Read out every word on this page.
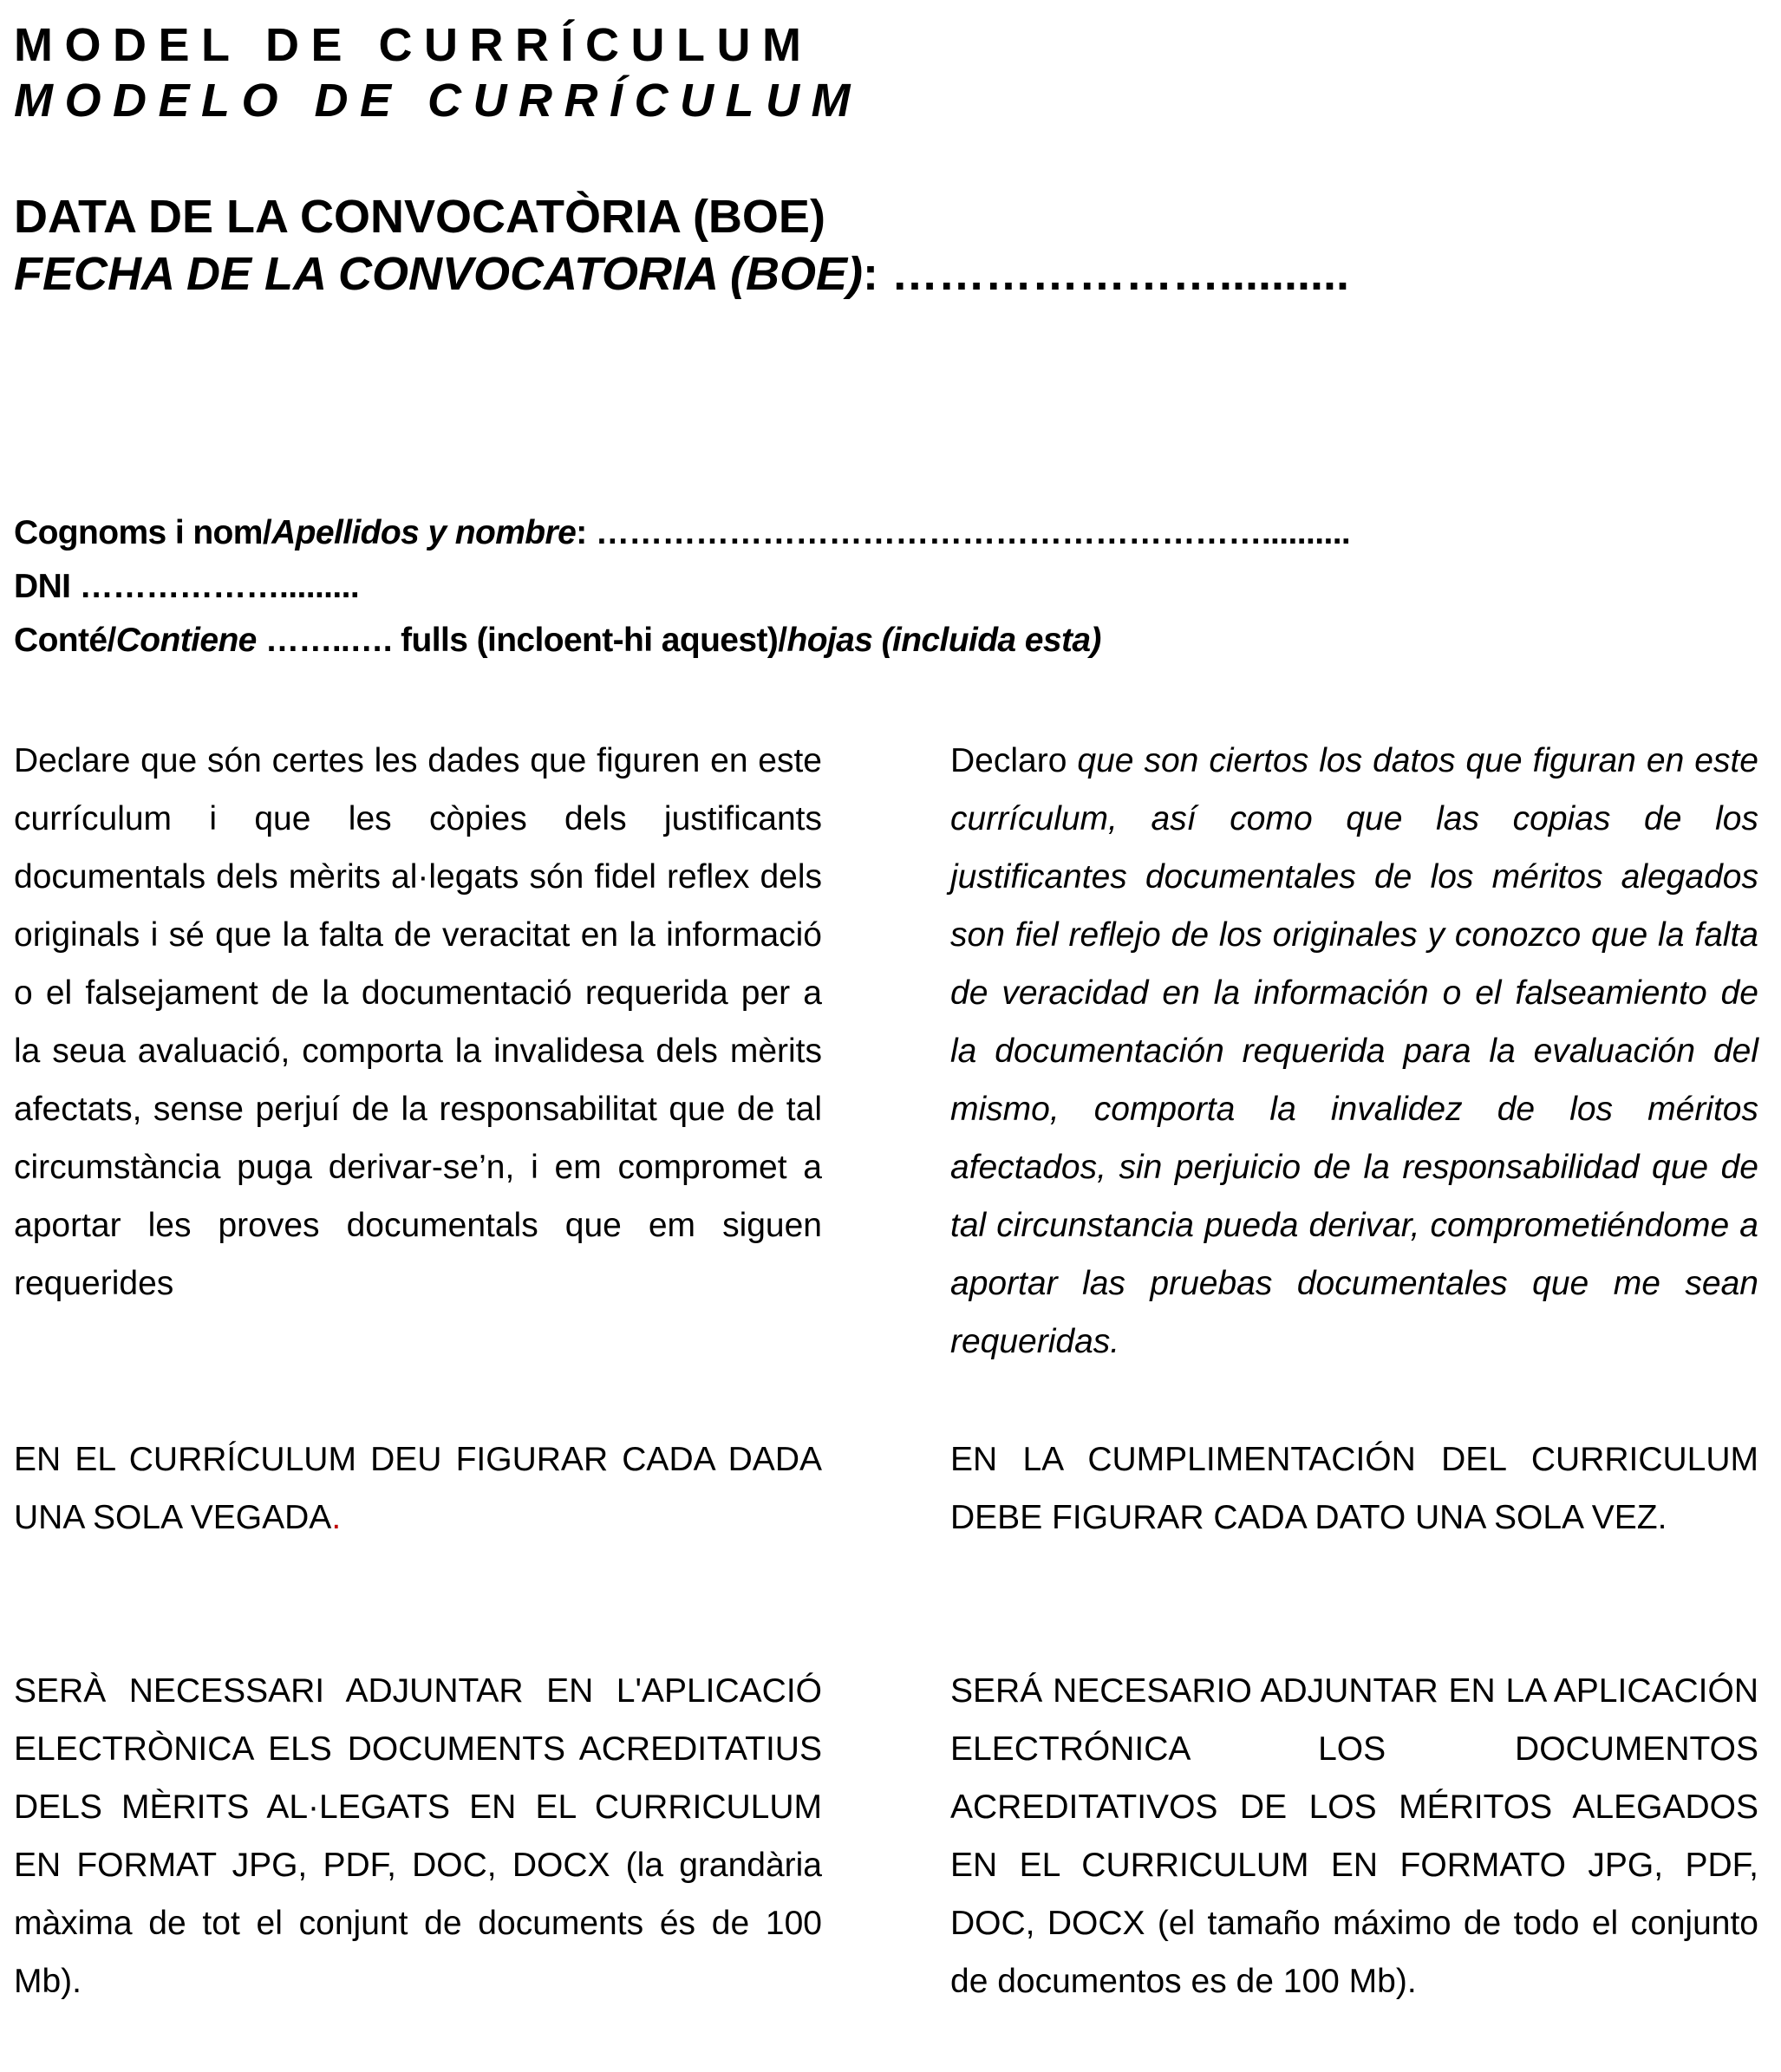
MODEL DE CURRÍCULUM
MODELO DE CURRÍCULUM
DATA DE LA CONVOCATÒRIA (BOE)
FECHA DE LA CONVOCATORIA (BOE): …………………..........
Cognoms i nom/Apellidos y nombre: ……………………………………………………..........
DNI ……………….........
Conté/Contiene ……..…. fulls (incloent-hi aquest)/hojas (incluida esta)
Declare que són certes les dades que figuren en este currículum i que les còpies dels justificants documentals dels mèrits al·legats són fidel reflex dels originals i sé que la falta de veracitat en la informació o el falsejament de la documentació requerida per a la seua avaluació, comporta la invalidesa dels mèrits afectats, sense perjuí de la responsabilitat que de tal circumstància puga derivar-se’n, i em compromet a aportar les proves documentals que em siguen requerides
Declaro que son ciertos los datos que figuran en este currículum, así como que las copias de los justificantes documentales de los méritos alegados son fiel reflejo de los originales y conozco que la falta de veracidad en la información o el falseamiento de la documentación requerida para la evaluación del mismo, comporta la invalidez de los méritos afectados, sin perjuicio de la responsabilidad que de tal circunstancia pueda derivar, comprometiéndome a aportar las pruebas documentales que me sean requeridas.
EN EL CURRÍCULUM DEU FIGURAR CADA DADA UNA SOLA VEGADA.
EN LA CUMPLIMENTACIÓN DEL CURRICULUM DEBE FIGURAR CADA DATO UNA SOLA VEZ.
SERÀ NECESSARI ADJUNTAR EN L'APLICACIÓ ELECTRÒNICA ELS DOCUMENTS ACREDITATIUS DELS MÈRITS AL·LEGATS EN EL CURRICULUM EN FORMAT JPG, PDF, DOC, DOCX (la grandària màxima de tot el conjunt de documents és de 100 Mb).
SERÁ NECESARIO ADJUNTAR EN LA APLICACIÓN ELECTRÓNICA LOS DOCUMENTOS ACREDITATIVOS DE LOS MÉRITOS ALEGADOS EN EL CURRICULUM EN FORMATO JPG, PDF, DOC, DOCX (el tamaño máximo de todo el conjunto de documentos es de 100 Mb).
